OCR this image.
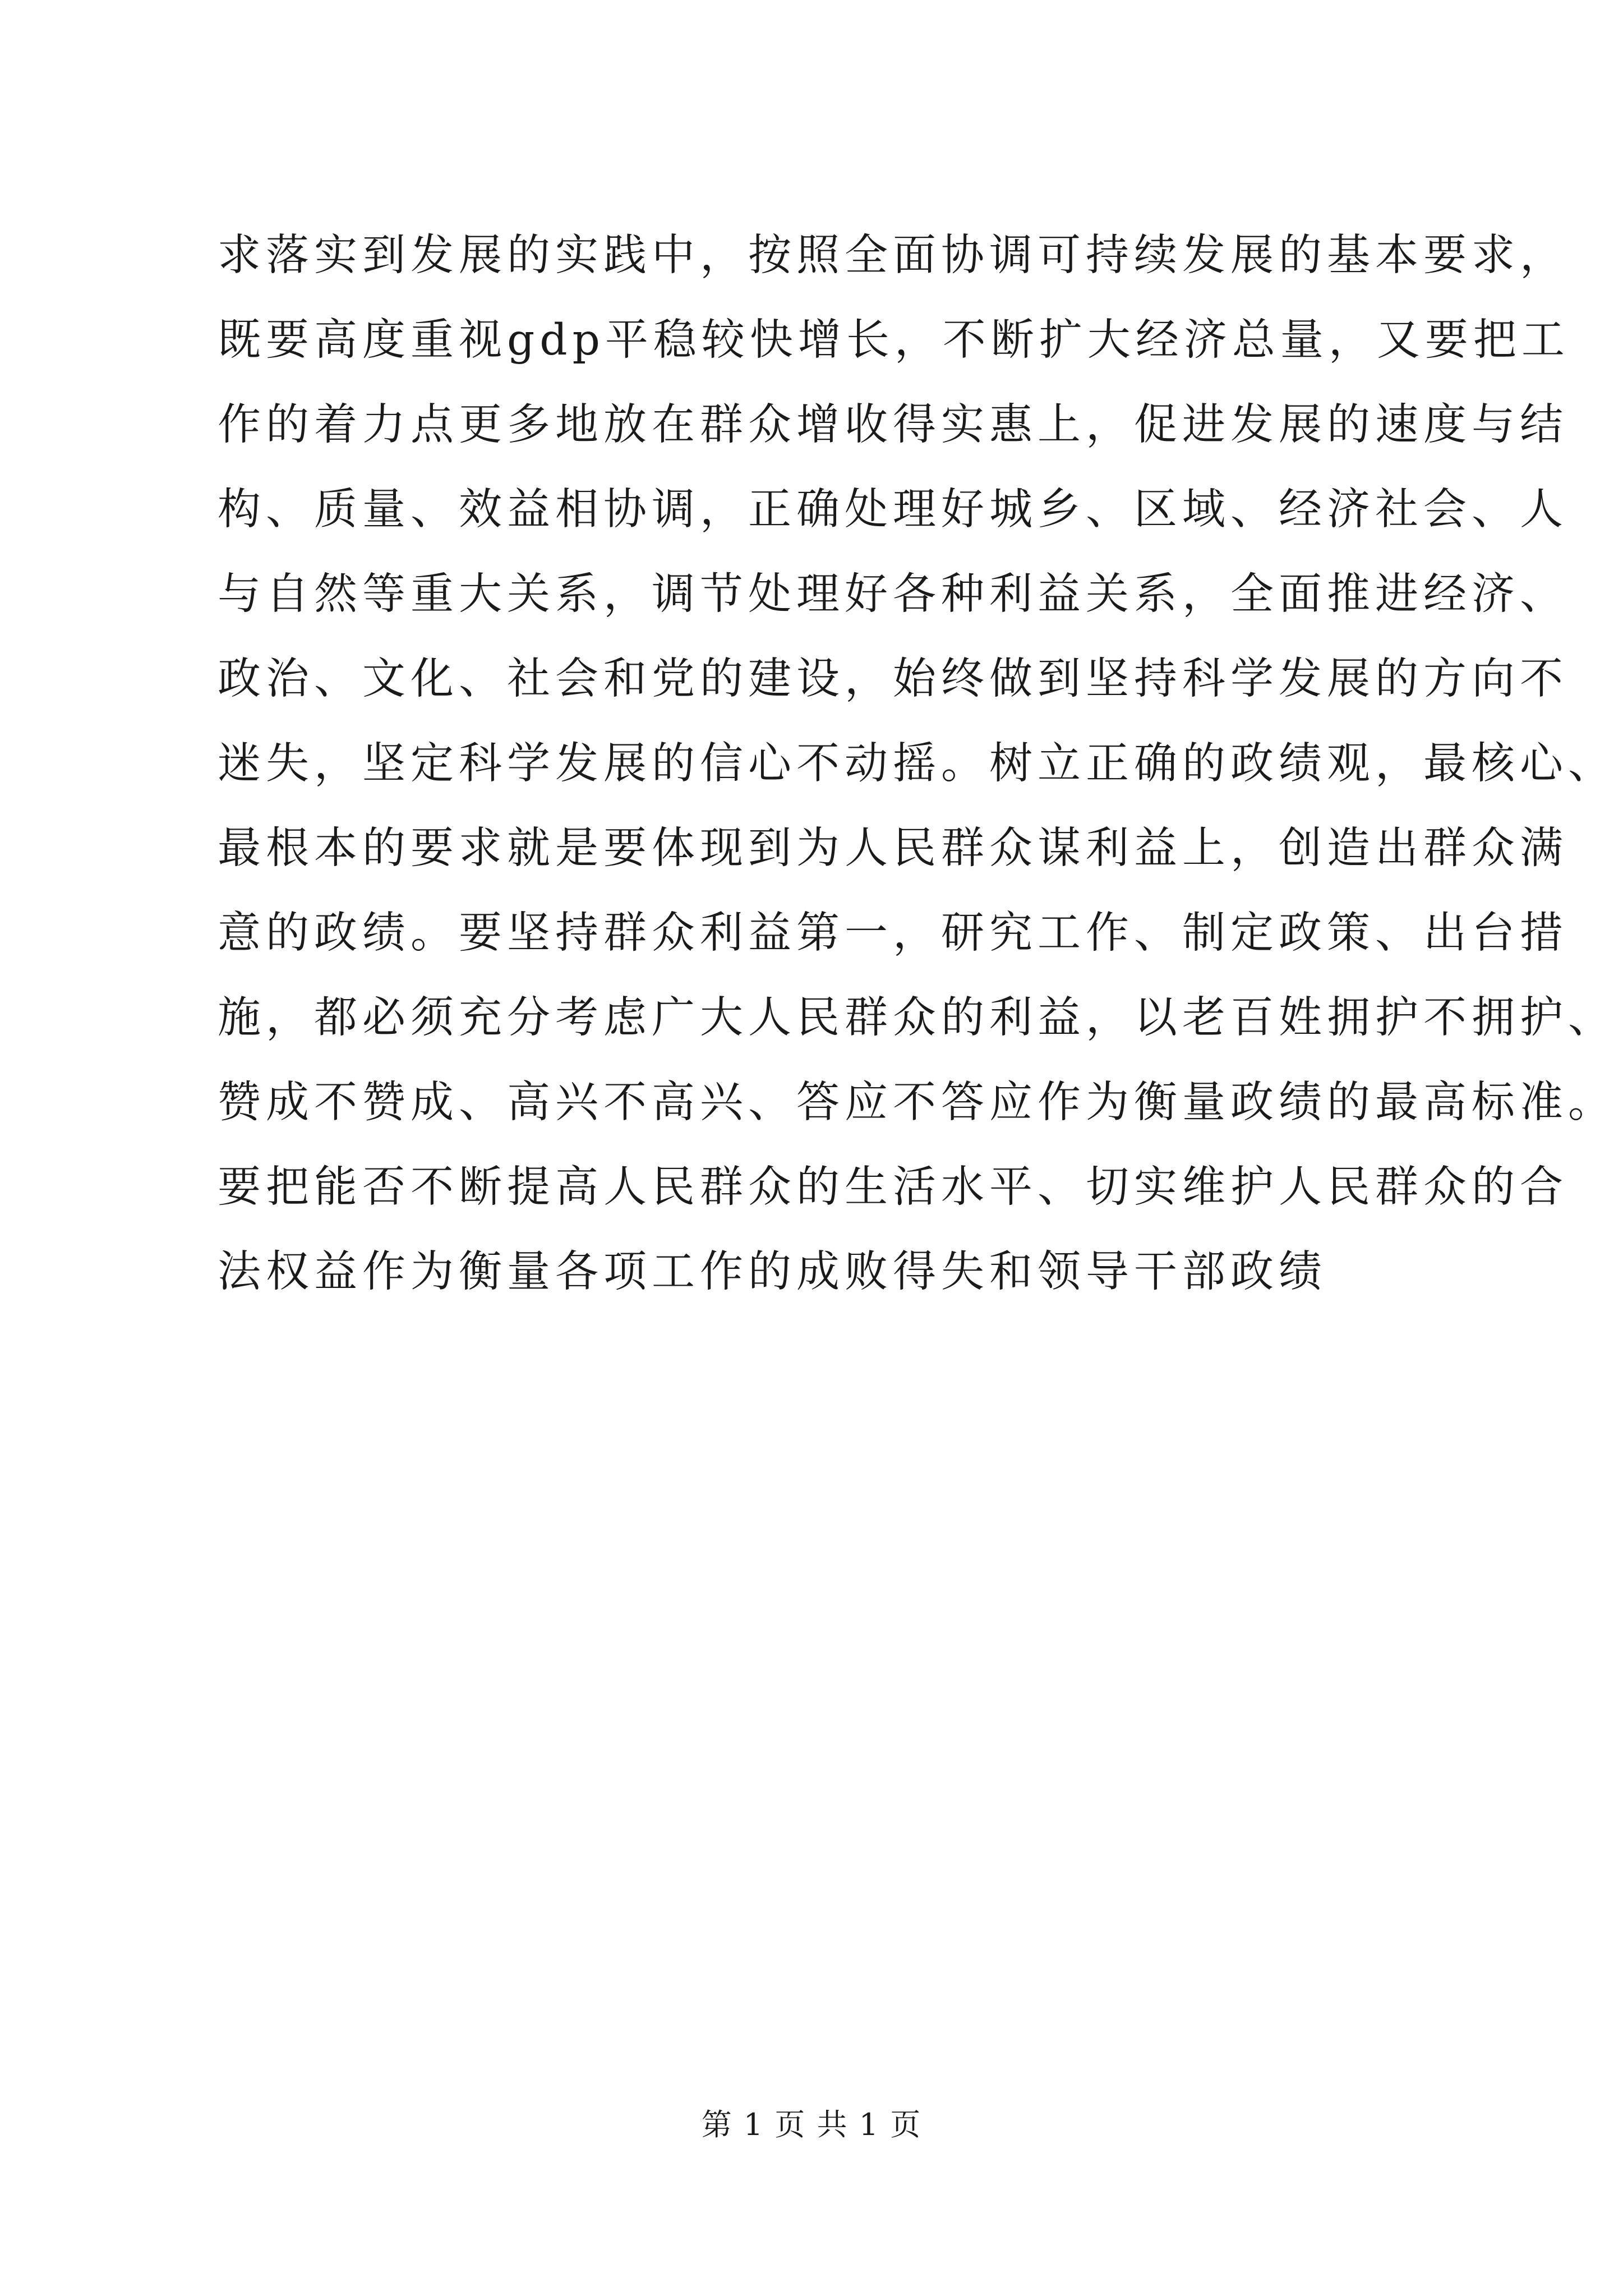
求落实到发展的实践中，按照全面协调可持续发展的基本要求，
既要高度重视gdp平稳较快增长，不断扩大经济总量，又要把工
作的着力点更多地放在群众增收得实惠上，促进发展的速度与结
构、质量、效益相协调，正确处理好城乡、区域、经济社会、人
与自然等重大关系，调节处理好各种利益关系，全面推进经济、
政治、文化、社会和党的建设，始终做到坚持科学发展的方向不
迷失，坚定科学发展的信心不动摇。树立正确的政绩观，最核心、
最根本的要求就是要体现到为人民群众谋利益上，创造出群众满
意的政绩。要坚持群众利益第一，研究工作、制定政策、出台措
施，都必须充分考虑广大人民群众的利益，以老百姓拥护不拥护、
赞成不赞成、高兴不高兴、答应不答应作为衡量政绩的最高标准。
要把能否不断提高人民群众的生活水平、切实维护人民群众的合
法权益作为衡量各项工作的成败得失和领导干部政绩
第 1 页 共 1 页
